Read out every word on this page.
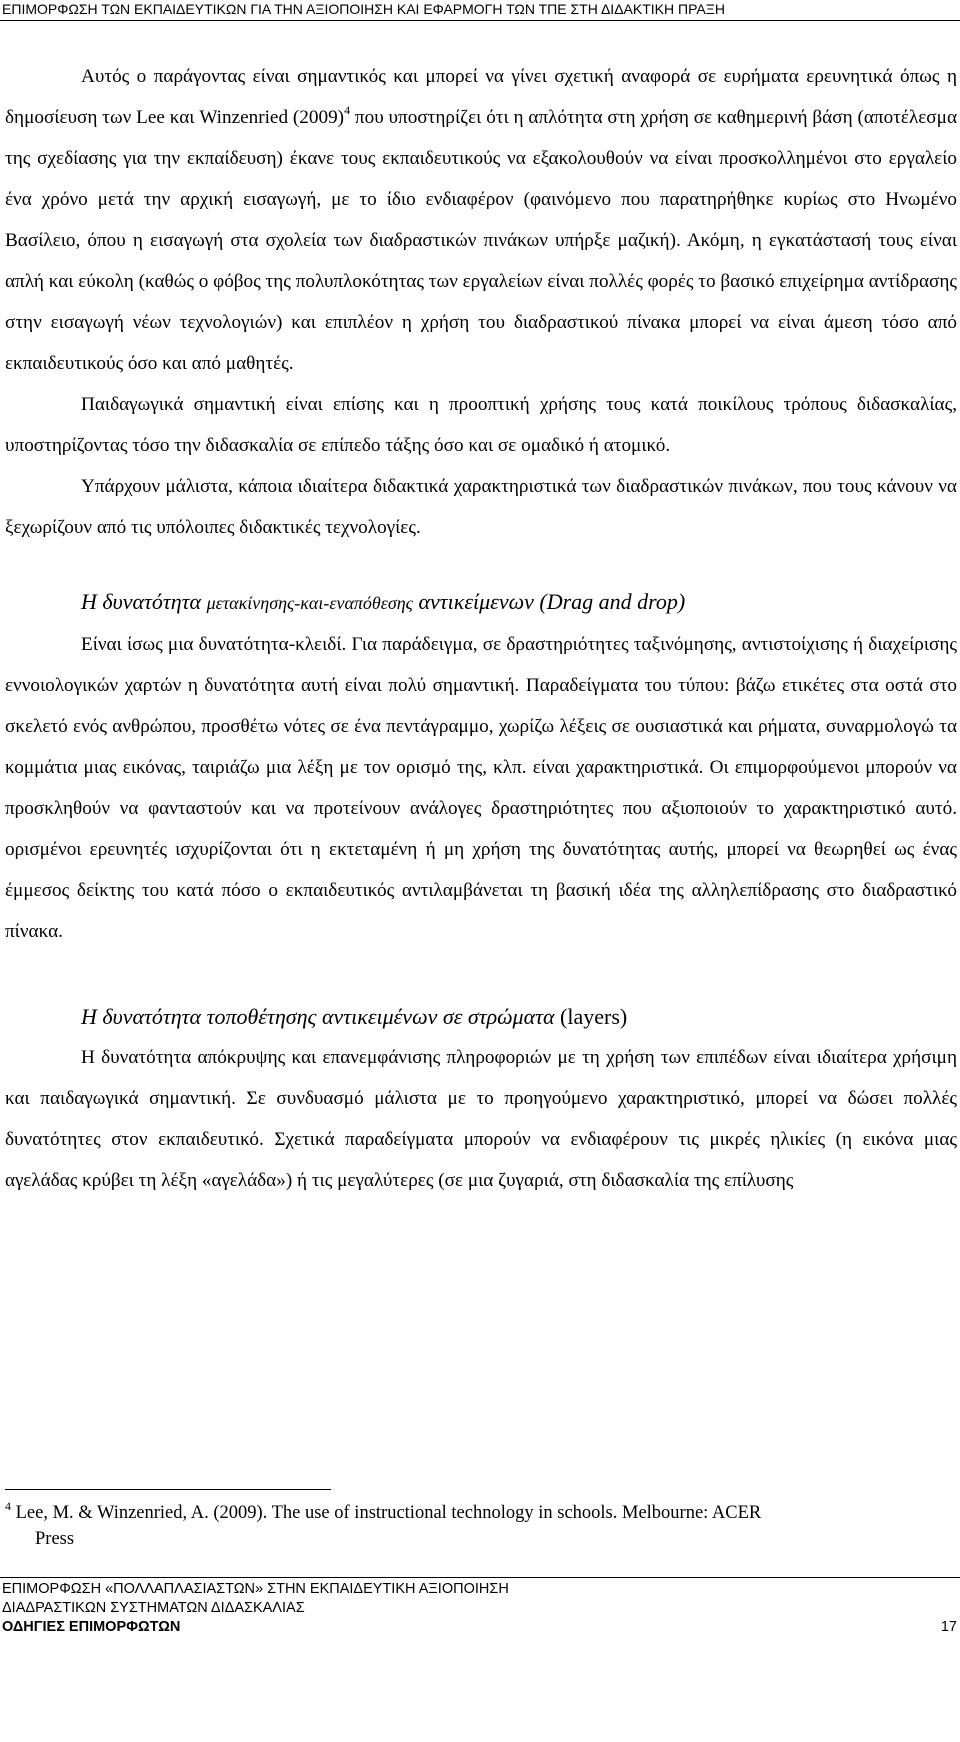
ΕΠΙΜΟΡΦΩΣΗ ΤΩΝ ΕΚΠΑΙΔΕΥΤΙΚΩΝ ΓΙΑ ΤΗΝ ΑΞΙΟΠΟΙΗΣΗ ΚΑΙ ΕΦΑΡΜΟΓΗ ΤΩΝ ΤΠΕ ΣΤΗ ΔΙΔΑΚΤΙΚΗ ΠΡΑΞΗ

Αυτός ο παράγοντας είναι σημαντικός και μπορεί να γίνει σχετική αναφορά σε ευρήματα ερευνητικά όπως η δημοσίευση των Lee και Winzenried $(2009)^4$ που υποστηρίζει ότι η απλότητα στη χρήση σε καθημερινή βάση (αποτέλεσμα της σχεδίασης για την εκπαίδευση) έκανε τους εκπαιδευτικούς να εξακολουθούν να είναι προσκολλημένοι στο εργαλείο ένα χρόνο μετά την αρχική εισαγωγή, με το ίδιο ενδιαφέρον (φαινόμενο που παρατηρήθηκε κυρίως στο Ηνωμένο Βασίλειο, όπου η εισαγωγή στα σχολεία των διαδραστικών πινάκων υπήρξε μαζική). Ακόμη, η εγκατάστασή τους είναι απλή και εύκολη (καθώς ο φόβος της πολυπλοκότητας των εργαλείων είναι πολλές φορές το βασικό επιχείρημα αντίδρασης στην εισαγωγή νέων τεχνολογιών) και επιπλέον η χρήση του διαδραστικού πίνακα μπορεί να είναι άμεση τόσο από εκπαιδευτικούς όσο και από μαθητές.

Παιδαγωγικά σημαντική είναι επίσης και η προοπτική χρήσης τους κατά ποικίλους τρόπους διδασκαλίας, υποστηρίζοντας τόσο την διδασκαλία σε επίπεδο τάξης όσο και σε ομαδικό ή ατομικό.

Υπάρχουν μάλιστα, κάποια ιδιαίτερα διδακτικά χαρακτηριστικά των διαδραστικών πινάκων, που τους κάνουν να ξεχωρίζουν από τις υπόλοιπες διδακτικές τεχνολογίες.

Η δυνατότητα μετακίνησης-και-εναπόθεσης αντικείμενων (Drag and drop)

Είναι ίσως μια δυνατότητα-κλειδί. Για παράδειγμα, σε δραστηριότητες ταξινόμησης, αντιστοίχισης ή διαχείρισης εννοιολογικών χαρτών η δυνατότητα αυτή είναι πολύ σημαντική. Παραδείγματα του τύπου: βάζω ετικέτες στα οστά στο σκελετό ενός ανθρώπου, προσθέτω νότες σε ένα πεντάγραμμο, χωρίζω λέξεις σε ουσιαστικά και ρήματα, συναρμολογώ τα κομμάτια μιας εικόνας, ταιριάζω μια λέξη με τον ορισμό της, κλπ. είναι χαρακτηριστικά. Οι επιμορφούμενοι μπορούν να προσκληθούν να φανταστούν και να προτείνουν ανάλογες δραστηριότητες που αξιοποιούν το χαρακτηριστικό αυτό. ορισμένοι ερευνητές ισχυρίζονται ότι η εκτεταμένη ή μη χρήση της δυνατότητας αυτής, μπορεί να θεωρηθεί ως ένας έμμεσος δείκτης του κατά πόσο ο εκπαιδευτικός αντιλαμβάνεται τη βασική ιδέα της αλληλεπίδρασης στο διαδραστικό πίνακα.

Η δυνατότητα τοποθέτησης αντικειμένων σε στρώματα (layers)

Η δυνατότητα απόκρυψης και επανεμφάνισης πληροφοριών με τη χρήση των επιπέδων είναι ιδιαίτερα χρήσιμη και παιδαγωγικά σημαντική. Σε συνδυασμό μάλιστα με το προηγούμενο χαρακτηριστικό, μπορεί να δώσει πολλές δυνατότητες στον εκπαιδευτικό. Σχετικά παραδείγματα μπορούν να ενδιαφέρουν τις μικρές ηλικίες (η εικόνα μιας αγελάδας κρύβει τη λέξη «αγελάδα») ή τις μεγαλύτερες (σε μια ζυγαριά, στη διδασκαλία της επίλυσης

$^4$ Lee, M. & Winzenried, A. (2009). The use of instructional technology in schools. Melbourne: ACER
Press
ΕΠΙΜΟΡΦΩΣΗ «ΠΟΛΛΑΠΛΑΣΙΑΣΤΩΝ» ΣΤΗΝ ΕΚΠΑΙΔΕΥΤΙΚΗ ΑΞΙΟΠΟΙΗΣΗ
ΔΙΑΔΡΑΣΤΙΚΩΝ ΣΥΣΤΗΜΑΤΩΝ ΔΙΔΑΣΚΑΛΙΑΣ
ΟΔΗΓΙΕΣ ΕΠΙΜΟΡΦΩΤΩΝ	17
